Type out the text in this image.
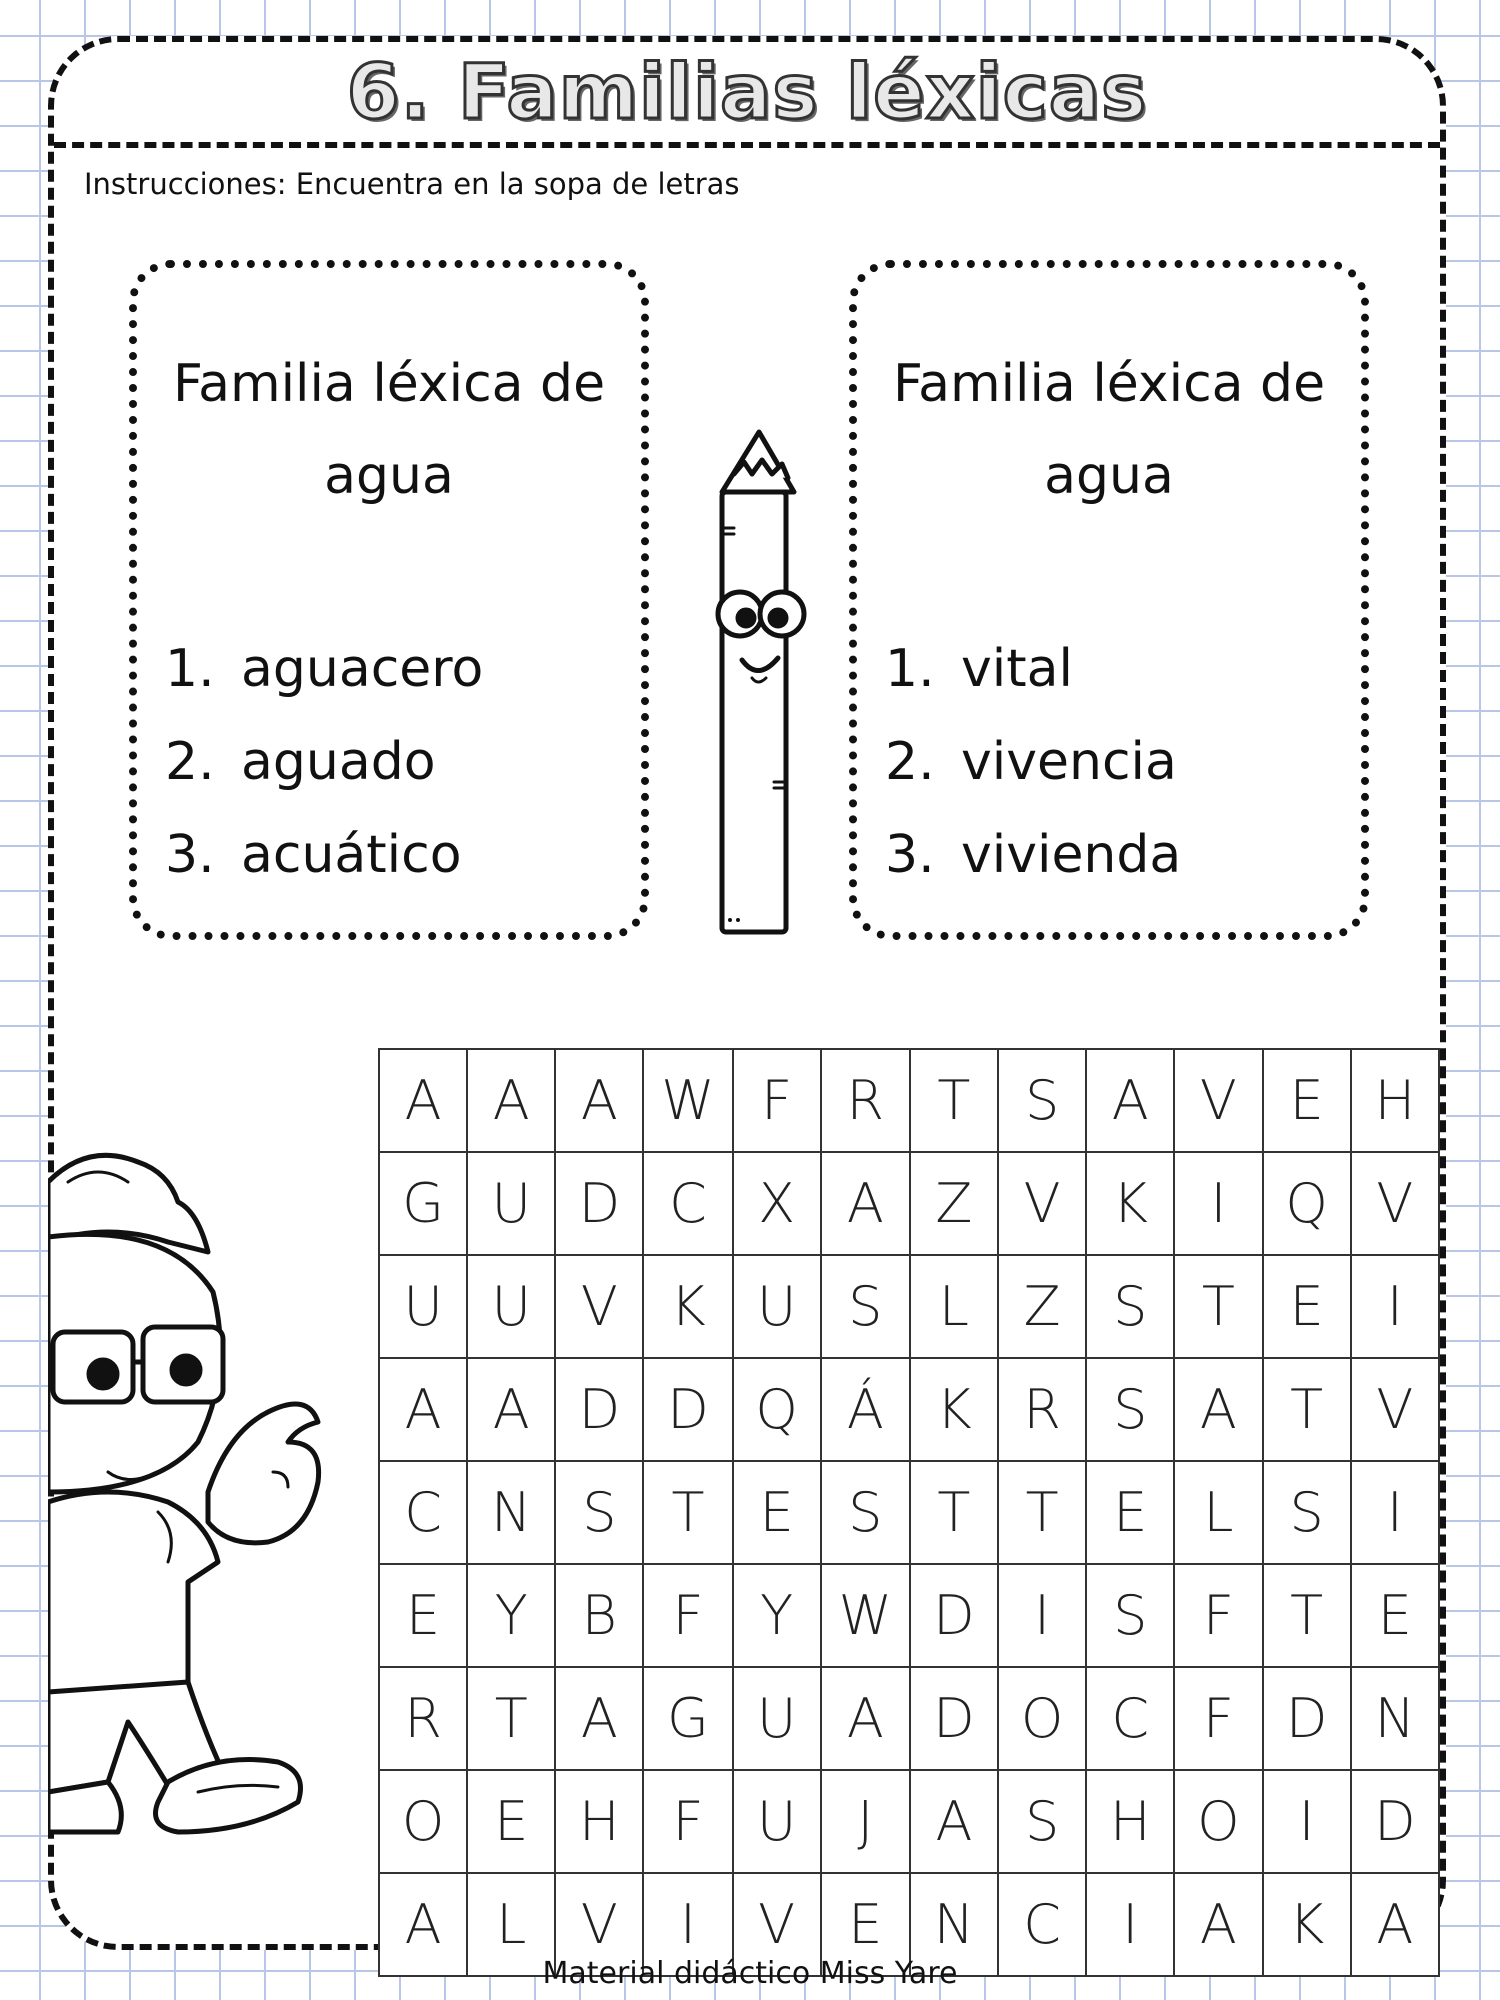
6. Familias léxicas
Instrucciones: Encuentra en la sopa de letras
Familia léxica de
agua
1. aguacero
2. aguado
3. acuático
Familia léxica de
agua
1. vital
2. vivencia
3. vivienda
A	A	A	W	F	R	T	S	A	V	E	H
G	U	D	C	X	A	Z	V	K	I	Q	V
U	U	V	K	U	S	L	Z	S	T	E	I
A	A	D	D	Q	Á	K	R	S	A	T	V
C	N	S	T	E	S	T	T	E	L	S	I
E	Y	B	F	Y	W	D	I	S	F	T	E
R	T	A	G	U	A	D	O	C	F	D	N
O	E	H	F	U	J	A	S	H	O	I	D
A	L	V	I	V	E	N	C	I	A	K	A
Material didáctico Miss Yare
